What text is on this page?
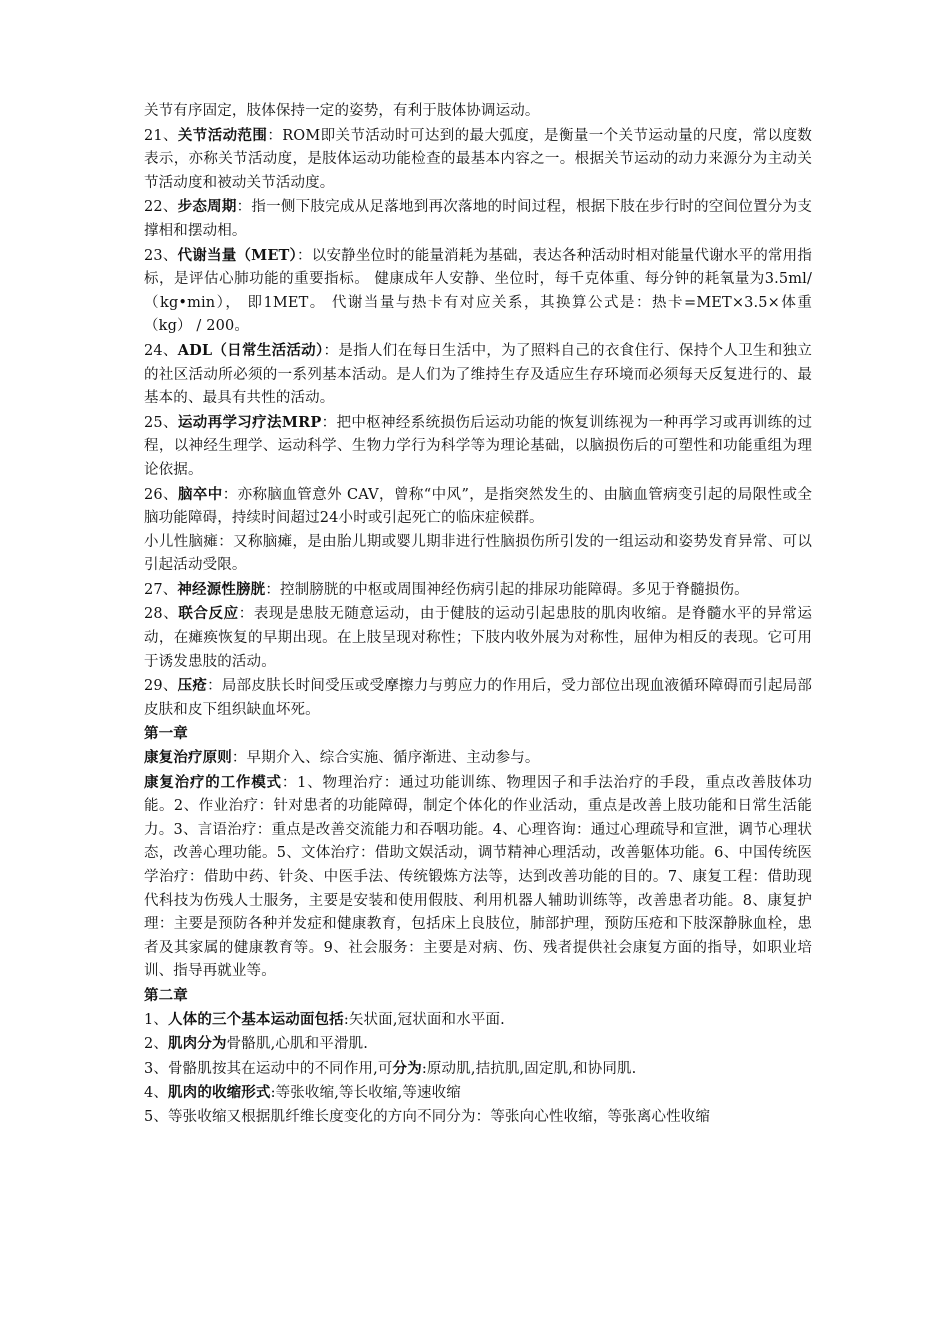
关节有序固定，肢体保持一定的姿势，有利于肢体协调运动。

21、关节活动范围：ROM即关节活动时可达到的最大弧度，是衡量一个关节运动量的尺度，常以度数表示，亦称关节活动度，是肢体运动功能检查的最基本内容之一。根据关节运动的动力来源分为主动关节活动度和被动关节活动度。

22、步态周期：指一侧下肢完成从足落地到再次落地的时间过程，根据下肢在步行时的空间位置分为支撑相和摆动相。

23、代谢当量（MET）：以安静坐位时的能量消耗为基础，表达各种活动时相对能量代谢水平的常用指标，是评估心肺功能的重要指标。 健康成年人安静、坐位时，每千克体重、每分钟的耗氧量为3.5ml/（kg•min）， 即1MET。 代谢当量与热卡有对应关系，其换算公式是：热卡=MET×3.5×体重（kg） / 200。

24、ADL（日常生活活动）：是指人们在每日生活中，为了照料自己的衣食住行、保持个人卫生和独立的社区活动所必须的一系列基本活动。是人们为了维持生存及适应生存环境而必须每天反复进行的、最基本的、最具有共性的活动。

25、运动再学习疗法MRP：把中枢神经系统损伤后运动功能的恢复训练视为一种再学习或再训练的过程，以神经生理学、运动科学、生物力学行为科学等为理论基础，以脑损伤后的可塑性和功能重组为理论依据。

26、脑卒中：亦称脑血管意外 CAV，曾称“中风”，是指突然发生的、由脑血管病变引起的局限性或全脑功能障碍，持续时间超过24小时或引起死亡的临床症候群。

小儿性脑瘫：又称脑瘫，是由胎儿期或婴儿期非进行性脑损伤所引发的一组运动和姿势发育异常、可以引起活动受限。

27、神经源性膀胱：控制膀胱的中枢或周围神经伤病引起的排尿功能障碍。多见于脊髓损伤。

28、联合反应：表现是患肢无随意运动，由于健肢的运动引起患肢的肌肉收缩。是脊髓水平的异常运动，在瘫痪恢复的早期出现。在上肢呈现对称性；下肢内收外展为对称性，屈伸为相反的表现。它可用于诱发患肢的活动。

29、压疮：局部皮肤长时间受压或受摩擦力与剪应力的作用后，受力部位出现血液循环障碍而引起局部皮肤和皮下组织缺血坏死。

第一章

康复治疗原则：早期介入、综合实施、循序渐进、主动参与。

康复治疗的工作模式：1、物理治疗：通过功能训练、物理因子和手法治疗的手段，重点改善肢体功能。2、作业治疗：针对患者的功能障碍，制定个体化的作业活动，重点是改善上肢功能和日常生活能力。3、言语治疗：重点是改善交流能力和吞咽功能。4、心理咨询：通过心理疏导和宣泄，调节心理状态，改善心理功能。5、文体治疗：借助文娱活动，调节精神心理活动，改善躯体功能。6、中国传统医学治疗：借助中药、针灸、中医手法、传统锻炼方法等，达到改善功能的目的。7、康复工程：借助现代科技为伤残人士服务，主要是安装和使用假肢、利用机器人辅助训练等，改善患者功能。8、康复护理：主要是预防各种并发症和健康教育，包括床上良肢位，肺部护理，预防压疮和下肢深静脉血栓，患者及其家属的健康教育等。9、社会服务：主要是对病、伤、残者提供社会康复方面的指导，如职业培训、指导再就业等。

第二章

1、人体的三个基本运动面包括:矢状面,冠状面和水平面.

2、肌肉分为骨骼肌,心肌和平滑肌.

3、骨骼肌按其在运动中的不同作用,可分为:原动肌,拮抗肌,固定肌,和协同肌.

4、肌肉的收缩形式:等张收缩,等长收缩,等速收缩

5、等张收缩又根据肌纤维长度变化的方向不同分为：等张向心性收缩，等张离心性收缩
